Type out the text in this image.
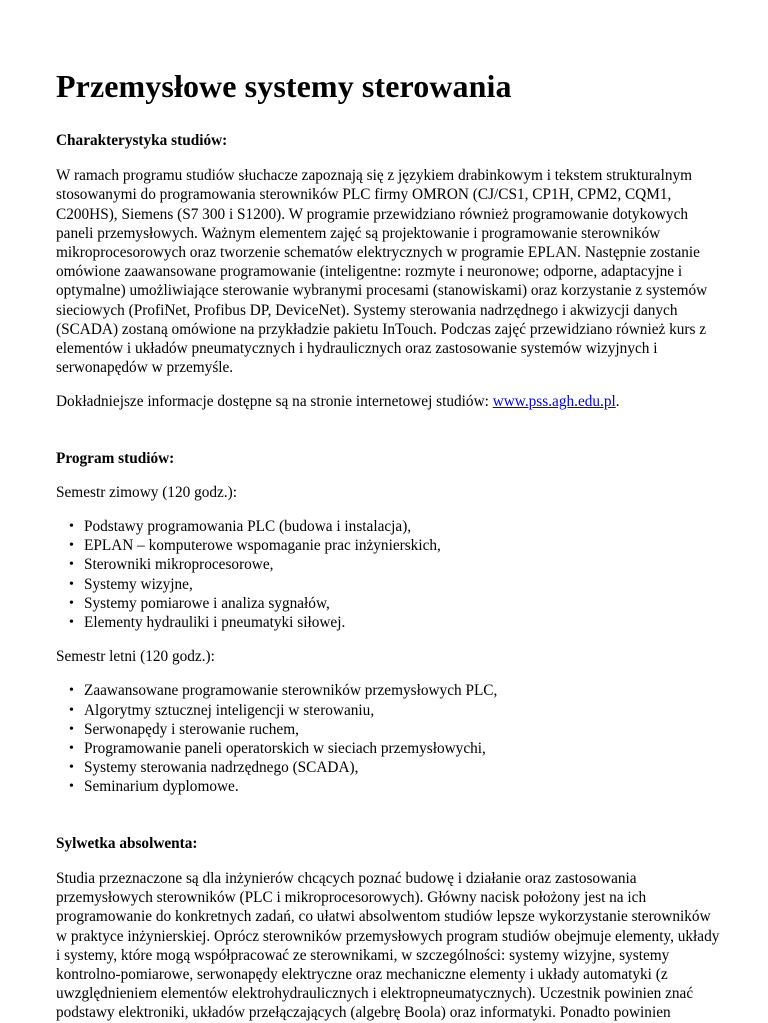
Przemysłowe systemy sterowania
Charakterystyka studiów:

W ramach programu studiów słuchacze zapoznają się z językiem drabinkowym i tekstem strukturalnym
stosowanymi do programowania sterowników PLC firmy OMRON (CJ/CS1, CP1H, CPM2, CQM1,
C200HS), Siemens (S7 300 i S1200). W programie przewidziano również programowanie dotykowych
paneli przemysłowych. Ważnym elementem zajęć są projektowanie i programowanie sterowników
mikroprocesorowych oraz tworzenie schematów elektrycznych w programie EPLAN. Następnie zostanie
omówione zaawansowane programowanie (inteligentne: rozmyte i neuronowe; odporne, adaptacyjne i
optymalne) umożliwiające sterowanie wybranymi procesami (stanowiskami) oraz korzystanie z systemów
sieciowych (ProfiNet, Profibus DP, DeviceNet). Systemy sterowania nadrzędnego i akwizycji danych
(SCADA) zostaną omówione na przykładzie pakietu InTouch. Podczas zajęć przewidziano również kurs z
elementów i układów pneumatycznych i hydraulicznych oraz zastosowanie systemów wizyjnych i
serwonapędów w przemyśle.

Dokładniejsze informacje dostępne są na stronie internetowej studiów: www.pss.agh.edu.pl.

Program studiów:

Semestr zimowy (120 godz.):

• Podstawy programowania PLC (budowa i instalacja),
• EPLAN – komputerowe wspomaganie prac inżynierskich,
• Sterowniki mikroprocesorowe,
• Systemy wizyjne,
• Systemy pomiarowe i analiza sygnałów,
• Elementy hydrauliki i pneumatyki siłowej.

Semestr letni (120 godz.):

• Zaawansowane programowanie sterowników przemysłowych PLC,
• Algorytmy sztucznej inteligencji w sterowaniu,
• Serwonapędy i sterowanie ruchem,
• Programowanie paneli operatorskich w sieciach przemysłowychi,
• Systemy sterowania nadrzędnego (SCADA),
• Seminarium dyplomowe.
Sylwetka absolwenta:

Studia przeznaczone są dla inżynierów chcących poznać budowę i działanie oraz zastosowania
przemysłowych sterowników (PLC i mikroprocesorowych). Główny nacisk położony jest na ich
programowanie do konkretnych zadań, co ułatwi absolwentom studiów lepsze wykorzystanie sterowników
w praktyce inżynierskiej. Oprócz sterowników przemysłowych program studiów obejmuje elementy, układy
i systemy, które mogą współpracować ze sterownikami, w szczególności: systemy wizyjne, systemy
kontrolno-pomiarowe, serwonapędy elektryczne oraz mechaniczne elementy i układy automatyki (z
uwzględnieniem elementów elektrohydraulicznych i elektropneumatycznych). Uczestnik powinien znać
podstawy elektroniki, układów przełączających (algebrę Boola) oraz informatyki. Ponadto powinien
